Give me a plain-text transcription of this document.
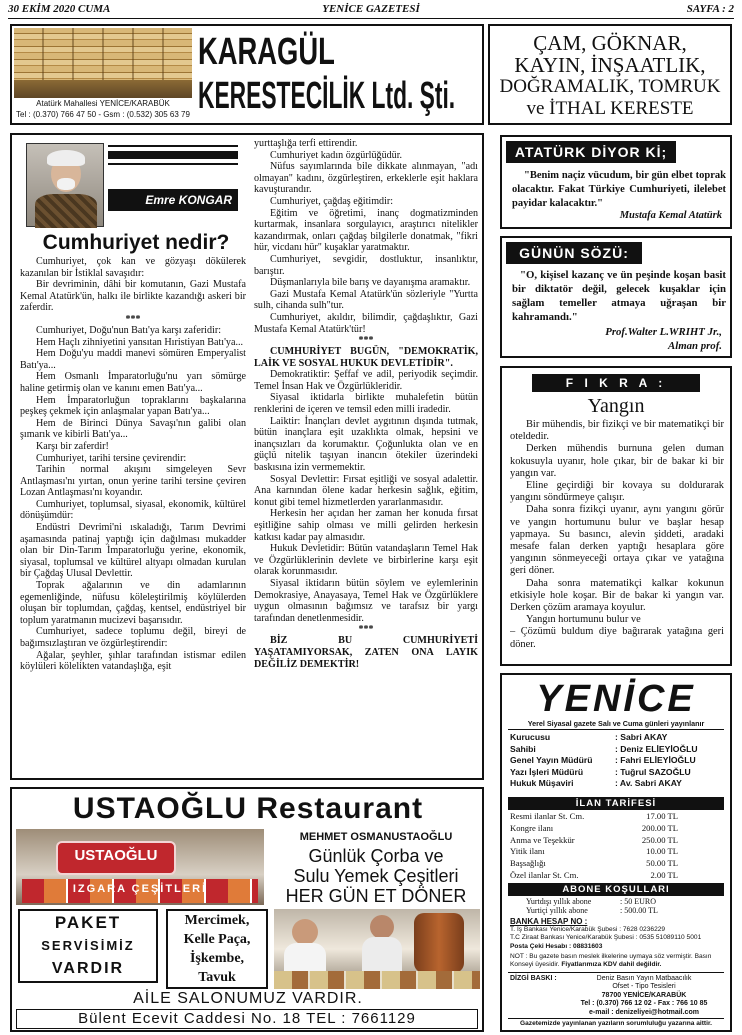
30 EKİM 2020 CUMA	YENİCE GAZETESİ	SAYFA : 2
Atatürk Mahallesi YENİCE/KARABÜK
Tel : (0.370) 766 47 50 - Gsm : (0.532) 305 63 79
KARAGÜL
KERESTECİLİK Ltd. Şti.
ÇAM, GÖKNAR,
KAYIN, İNŞAATLIK,
DOĞRAMALIK, TOMRUK
ve İTHAL KERESTE
Emre KONGAR
Cumhuriyet nedir?
Cumhuriyet, çok kan ve gözyaşı dökülerek kazanılan bir İstiklal savaşıdır:
Bir devriminin, dâhi bir komutanın, Gazi Mustafa Kemal Atatürk'ün, halkı ile birlikte kazandığı askeri bir zaferdir.
***
Cumhuriyet, Doğu'nun Batı'ya karşı zaferidir:
Hem Haçlı zihniyetini yansıtan Hıristiyan Batı'ya...
Hem Doğu'yu maddi manevi sömüren Emperyalist Batı'ya...
Hem Osmanlı İmparatorluğu'nu yarı sömürge haline getirmiş olan ve kanını emen Batı'ya...
Hem İmparatorluğun topraklarını başkalarına peşkeş çekmek için anlaşmalar yapan Batı'ya...
Hem de Birinci Dünya Savaşı'nın galibi olan şımarık ve kibirli Batı'ya...
Karşı bir zaferdir!
Cumhuriyet, tarihi tersine çevirendir:
Tarihin normal akışını simgeleyen Sevr Antlaşması'nı yırtan, onun yerine tarihi tersine çeviren Lozan Antlaşması'nı koyandır.
Cumhuriyet, toplumsal, siyasal, ekonomik, kültürel dönüşümdür:
Endüstri Devrimi'ni ıskaladığı, Tarım Devrimi aşamasında patinaj yaptığı için dağılması mukadder olan bir Din-Tarım İmparatorluğu yerine, ekonomik, siyasal, toplumsal ve kültürel altyapı olmadan kurulan bir Çağdaş Ulusal Devlettir.
Toprak ağalarının ve din adamlarının egemenliğinde, nüfusu köleleştirilmiş köylülerden oluşan bir toplumdan, çağdaş, kentsel, endüstriyel bir toplum yaratmanın mucizevi başarısıdır.
Cumhuriyet, sadece toplumu değil, bireyi de bağımsızlaştıran ve özgürleştirendir:
Ağalar, şeyhler, şıhlar tarafından istismar edilen köylüleri kölelikten vatandaşlığa, eşit
yurttaşlığa terfi ettirendir.
Cumhuriyet kadın özgürlüğüdür.
Nüfus sayımlarında bile dikkate alınmayan, "adı olmayan" kadını, özgürleştiren, erkeklerle eşit haklara kavuşturandır.
Cumhuriyet, çağdaş eğitimdir:
Eğitim ve öğretimi, inanç dogmatizminden kurtarmak, insanlara sorgulayıcı, araştırıcı nitelikler kazandırmak, onları çağdaş bilgilerle donatmak, "fikri hür, vicdanı hür" kuşaklar yaratmaktır.
Cumhuriyet, sevgidir, dostluktur, insanlıktır, barıştır.
Düşmanlarıyla bile barış ve dayanışma aramaktır.
Gazi Mustafa Kemal Atatürk'ün sözleriyle "Yurtta sulh, cihanda sulh"tur.
Cumhuriyet, akıldır, bilimdir, çağdaşlıktır, Gazi Mustafa Kemal Atatürk'tür!
***
CUMHURİYET BUGÜN, "DEMOKRATİK, LAİK VE SOSYAL HUKUK DEVLETİDİR".
Demokratiktir: Şeffaf ve adil, periyodik seçimdir. Temel İnsan Hak ve Özgürlükleridir.
Siyasal iktidarla birlikte muhalefetin bütün renklerini de içeren ve temsil eden milli iradedir.
Laiktir: İnançları devlet aygıtının dışında tutmak, bütün inançlara eşit uzaklıkta olmak, hepsini ve inançsızları da korumaktır. Çoğunlukta olan ve en güçlü nitelik taşıyan inancın ötekiler üzerindeki baskısına izin vermemektir.
Sosyal Devlettir: Fırsat eşitliği ve sosyal adalettir. Ana karnından ölene kadar herkesin sağlık, eğitim, konut gibi temel hizmetlerden yararlanmasıdır.
Herkesin her açıdan her zaman her konuda fırsat eşitliğine sahip olması ve milli gelirden herkesin katkısı kadar pay almasıdır.
Hukuk Devletidir: Bütün vatandaşların Temel Hak ve Özgürlüklerinin devlete ve birbirlerine karşı eşit olarak korunmasıdır.
Siyasal iktidarın bütün söylem ve eylemlerinin Demokrasiye, Anayasaya, Temel Hak ve Özgürlüklere uygun olmasının bağımsız ve tarafsız bir yargı tarafından denetlenmesidir.
***
BİZ BU CUMHURİYETİ YAŞATAMIYORSAK, ZATEN ONA LAYIK DEĞİLİZ DEMEKTİR!
ATATÜRK DİYOR Kİ;
"Benim naçiz vücudum, bir gün elbet toprak olacaktır. Fakat Türkiye Cumhuriyeti, ilelebet payidar kalacaktır."
Mustafa Kemal Atatürk
GÜNÜN SÖZÜ:
"O, kişisel kazanç ve ün peşinde koşan basit bir diktatör değil, gelecek kuşaklar için sağlam temeller atmaya uğraşan bir kahramandı."
Prof.Walter L.WRIHT Jr.,
Alman prof.
F I K R A :
Yangın
Bir mühendis, bir fizikçi ve bir matematikçi bir oteldedir.
Derken mühendis burnuna gelen duman kokusuyla uyanır, hole çıkar, bir de bakar ki bir yangın var.
Eline geçirdiği bir kovaya su doldurarak yangını söndürmeye çalışır.
Daha sonra fizikçi uyanır, aynı yangını görür ve yangın hortumunu bulur ve başlar hesap yapmaya. Su basıncı, alevin şiddeti, aradaki mesafe falan derken yaptığı hesaplara göre yangının sönmeyeceği ortaya çıkar ve yatağına geri döner.
Daha sonra matematikçi kalkar kokunun etkisiyle hole koşar. Bir de bakar ki yangın var. Derken çözüm aramaya koyulur.
Yangın hortumunu bulur ve
– Çözümü buldum diye bağırarak yatağına geri döner.
YENİCE
Yerel Siyasal gazete Salı ve Cuma günleri yayınlanır
Kurucusu	: Sabri AKAY
Sahibi	: Deniz ELİEYİOĞLU
Genel Yayın Müdürü	: Fahri ELİEYİOĞLU
Yazı İşleri Müdürü	: Tuğrul SAZOĞLU
Hukuk Müşaviri	: Av. Sabri AKAY
İLAN TARİFESİ
Resmi ilanlar St. Cm.	17.00 TL
Kongre ilanı	200.00 TL
Anma ve Teşekkür	250.00 TL
Yitik ilanı	10.00 TL
Başsağlığı	50.00 TL
Özel ilanlar St. Cm.	2.00 TL
ABONE KOŞULLARI
Yurtdışı yıllık abone	: 50 EURO
Yurtiçi yıllık abone	: 500.00 TL
BANKA HESAP NO :
T. İş Bankası Yenice/Karabük Şubesi : 7628 0236229
T.C Ziraat Bankası Yenice/Karabük Şubesi : 0535 51089110 5001
Posta Çeki Hesabı : 08831603
NOT : Bu gazete basın meslek ilkelerine uymaya söz vermiştir. Basın Konseyi üyesidir. Fiyatlarımıza KDV dahil değildir.
DİZGİ BASKI :	Deniz Basın Yayın Matbaacılık
Ofset - Tipo Tesisleri
78700 YENİCE/KARABÜK
Tel : (0.370) 766 12 02 - Fax : 766 10 85
e-mail : denizeliyei@hotmail.com
Gazetemizde yayınlanan yazıların sorumluluğu yazarına aittir.
USTAOĞLU Restaurant
USTAOĞLU
IZGARA ÇEŞİTLERİ
MEHMET OSMANUSTAOĞLU
Günlük Çorba ve
Sulu Yemek Çeşitleri
HER GÜN ET DÖNER
PAKET
SERVİSİMİZ
VARDIR
Mercimek,
Kelle Paça,
İşkembe,
Tavuk
AİLE SALONUMUZ VARDIR.
Bülent Ecevit Caddesi No. 18 TEL : 7661129
